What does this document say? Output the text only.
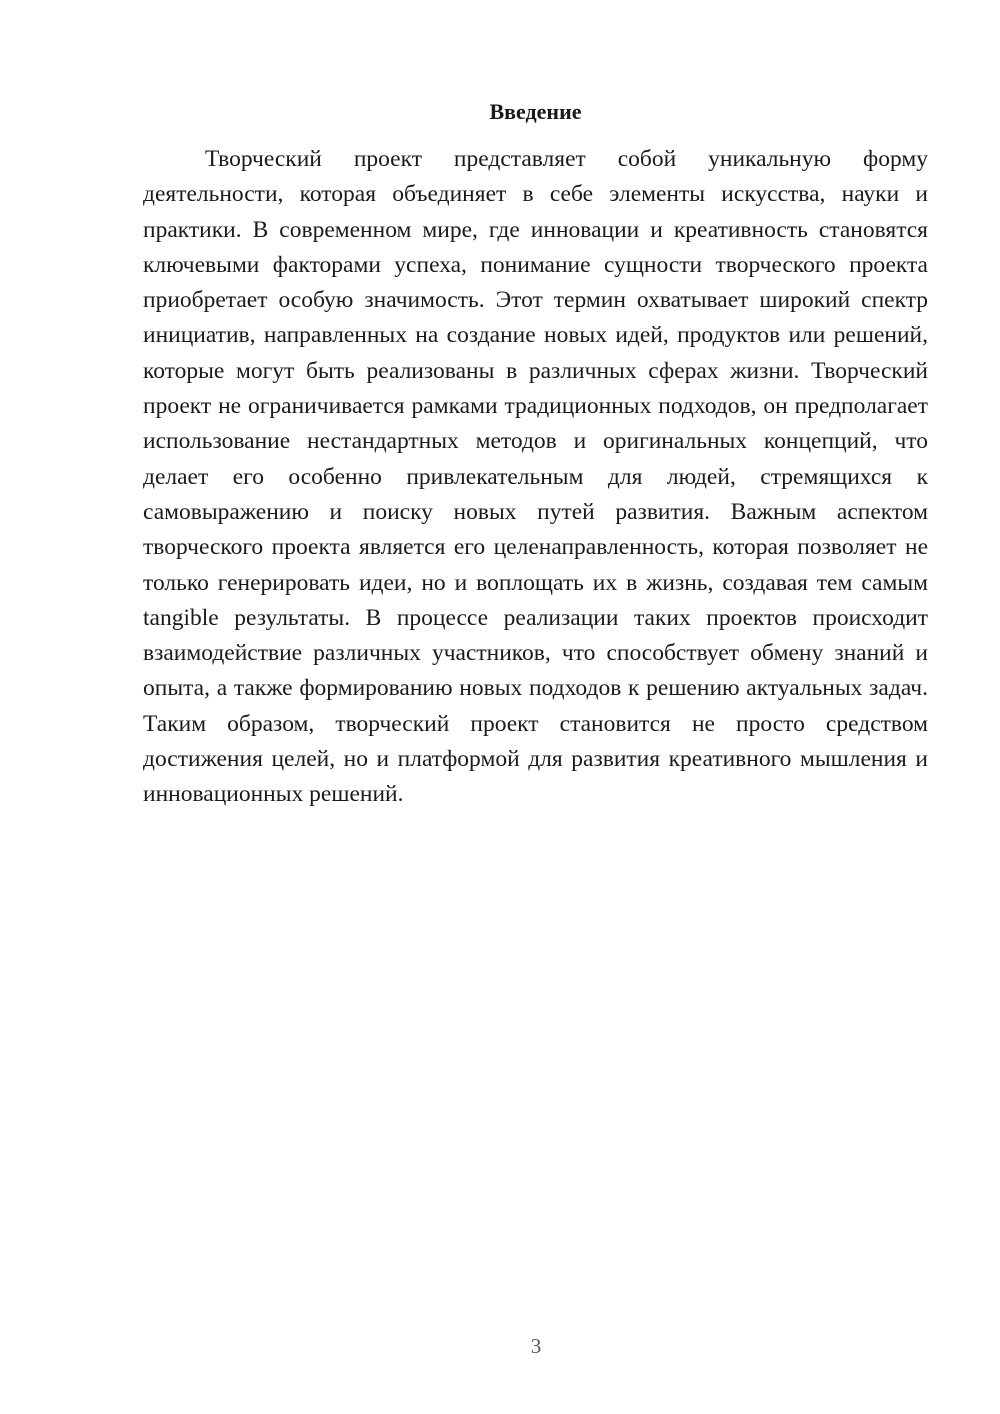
Введение

Творческий проект представляет собой уникальную форму деятельности, которая объединяет в себе элементы искусства, науки и практики. В современном мире, где инновации и креативность становятся ключевыми факторами успеха, понимание сущности творческого проекта приобретает особую значимость. Этот термин охватывает широкий спектр инициатив, направленных на создание новых идей, продуктов или решений, которые могут быть реализованы в различных сферах жизни. Творческий проект не ограничивается рамками традиционных подходов, он предполагает использование нестандартных методов и оригинальных концепций, что делает его особенно привлекательным для людей, стремящихся к самовыражению и поиску новых путей развития. Важным аспектом творческого проекта является его целенаправленность, которая позволяет не только генерировать идеи, но и воплощать их в жизнь, создавая тем самым tangible результаты. В процессе реализации таких проектов происходит взаимодействие различных участников, что способствует обмену знаний и опыта, а также формированию новых подходов к решению актуальных задач. Таким образом, творческий проект становится не просто средством достижения целей, но и платформой для развития креативного мышления и инновационных решений.

3
